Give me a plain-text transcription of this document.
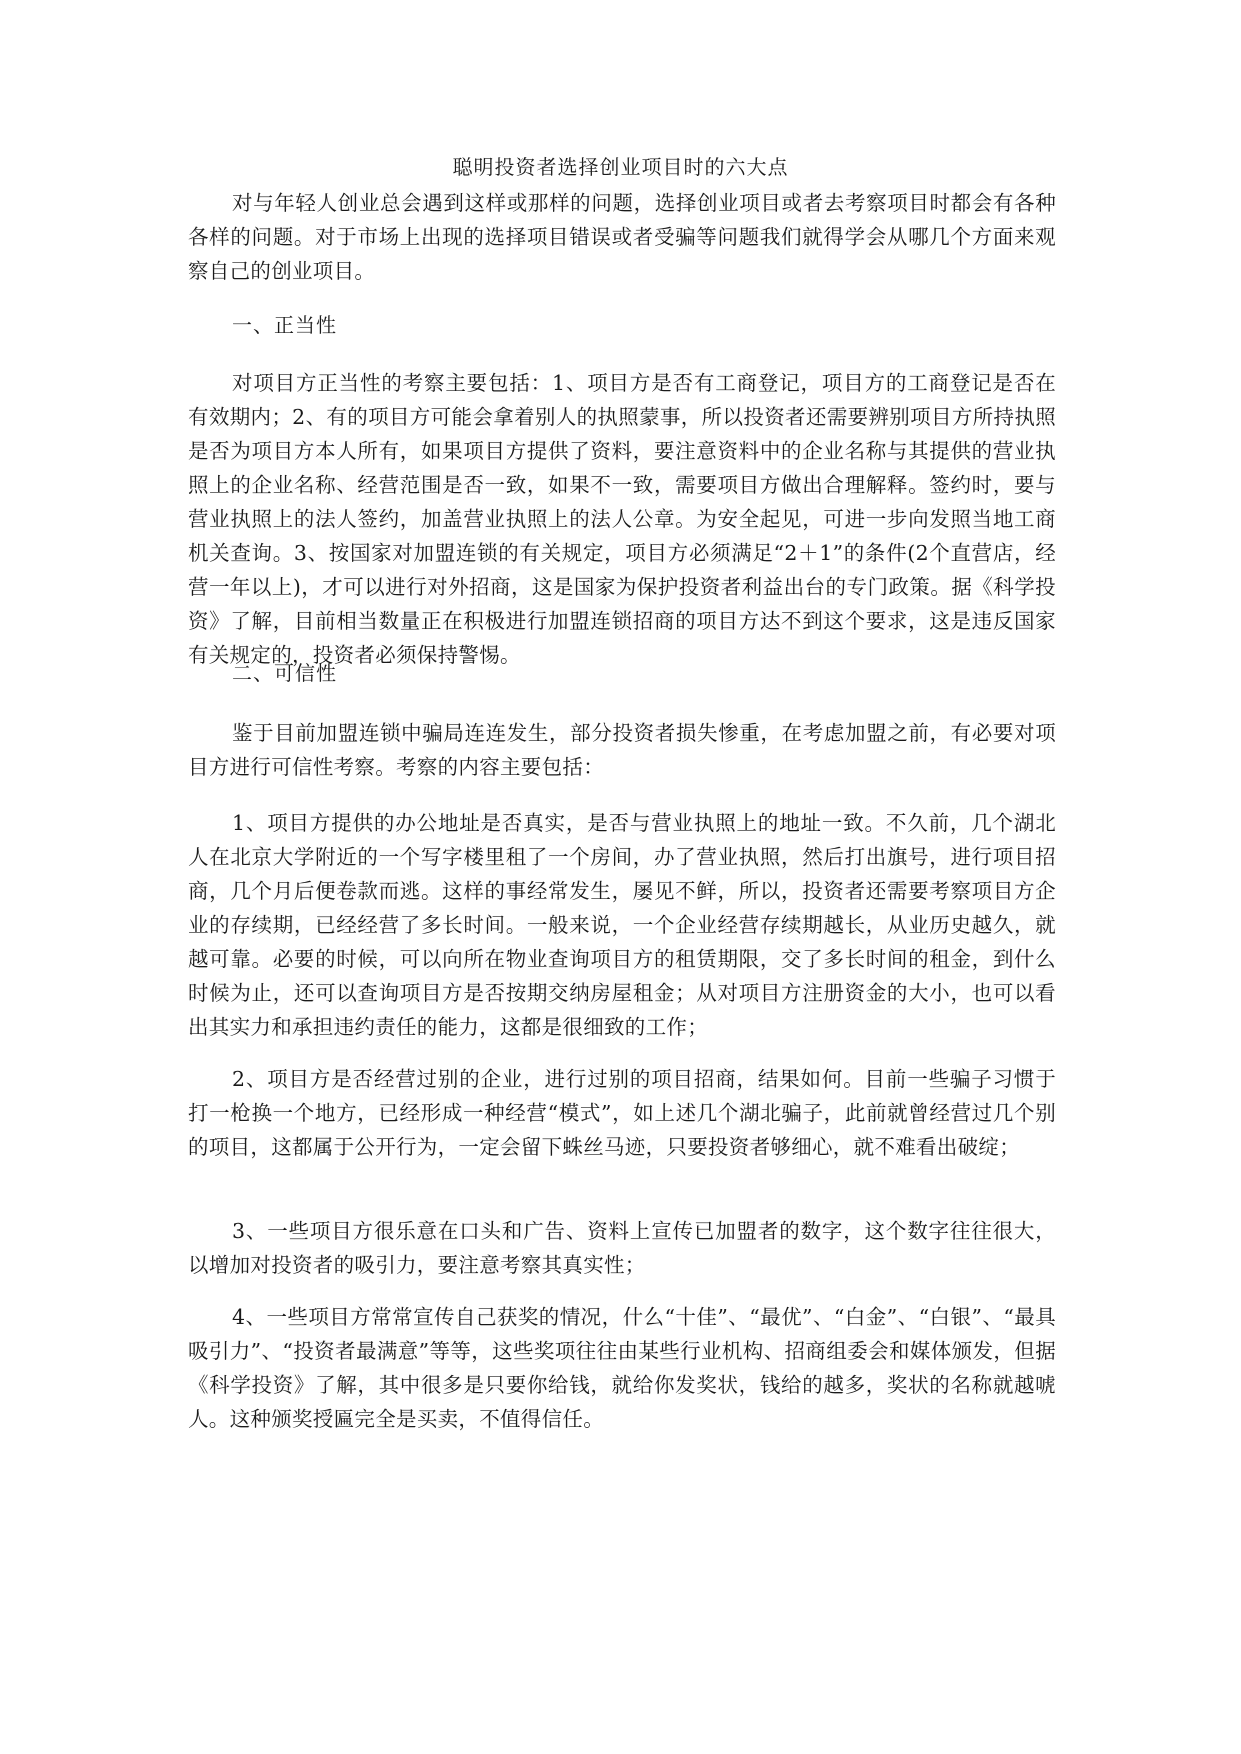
聪明投资者选择创业项目时的六大点

对与年轻人创业总会遇到这样或那样的问题，选择创业项目或者去考察项目时都会有各种各样的问题。对于市场上出现的选择项目错误或者受骗等问题我们就得学会从哪几个方面来观察自己的创业项目。

一、正当性

对项目方正当性的考察主要包括：1、项目方是否有工商登记，项目方的工商登记是否在有效期内；2、有的项目方可能会拿着别人的执照蒙事，所以投资者还需要辨别项目方所持执照是否为项目方本人所有，如果项目方提供了资料，要注意资料中的企业名称与其提供的营业执照上的企业名称、经营范围是否一致，如果不一致，需要项目方做出合理解释。签约时，要与营业执照上的法人签约，加盖营业执照上的法人公章。为安全起见，可进一步向发照当地工商机关查询。3、按国家对加盟连锁的有关规定，项目方必须满足“2＋1”的条件(2个直营店，经营一年以上)，才可以进行对外招商，这是国家为保护投资者利益出台的专门政策。据《科学投资》了解，目前相当数量正在积极进行加盟连锁招商的项目方达不到这个要求，这是违反国家有关规定的，投资者必须保持警惕。

二、可信性

鉴于目前加盟连锁中骗局连连发生，部分投资者损失惨重，在考虑加盟之前，有必要对项目方进行可信性考察。考察的内容主要包括：

1、项目方提供的办公地址是否真实，是否与营业执照上的地址一致。不久前，几个湖北人在北京大学附近的一个写字楼里租了一个房间，办了营业执照，然后打出旗号，进行项目招商，几个月后便卷款而逃。这样的事经常发生，屡见不鲜，所以，投资者还需要考察项目方企业的存续期，已经经营了多长时间。一般来说，一个企业经营存续期越长，从业历史越久，就越可靠。必要的时候，可以向所在物业查询项目方的租赁期限，交了多长时间的租金，到什么时候为止，还可以查询项目方是否按期交纳房屋租金；从对项目方注册资金的大小，也可以看出其实力和承担违约责任的能力，这都是很细致的工作；

2、项目方是否经营过别的企业，进行过别的项目招商，结果如何。目前一些骗子习惯于打一枪换一个地方，已经形成一种经营“模式”，如上述几个湖北骗子，此前就曾经营过几个别的项目，这都属于公开行为，一定会留下蛛丝马迹，只要投资者够细心，就不难看出破绽；

3、一些项目方很乐意在口头和广告、资料上宣传已加盟者的数字，这个数字往往很大，以增加对投资者的吸引力，要注意考察其真实性；

4、一些项目方常常宣传自己获奖的情况，什么“十佳”、“最优”、“白金”、“白银”、“最具吸引力”、“投资者最满意”等等，这些奖项往往由某些行业机构、招商组委会和媒体颁发，但据《科学投资》了解，其中很多是只要你给钱，就给你发奖状，钱给的越多，奖状的名称就越唬人。这种颁奖授匾完全是买卖，不值得信任。
